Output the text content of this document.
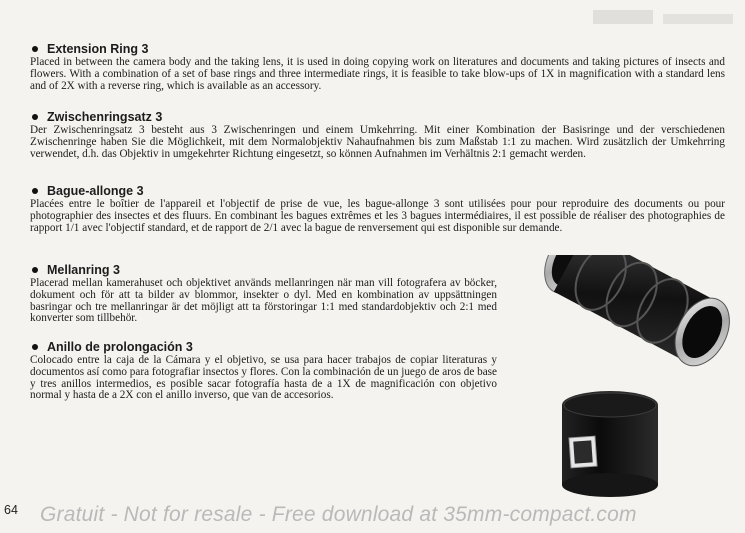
Extension Ring 3
Placed in between the camera body and the taking lens, it is used in doing copying work on literatures and documents and taking pictures of insects and flowers. With a combination of a set of base rings and three intermediate rings, it is feasible to take blow-ups of 1X in magnification with a standard lens and of 2X with a reverse ring, which is available as an accessory.
Zwischenringsatz 3
Der Zwischenringsatz 3 besteht aus 3 Zwischenringen und einem Umkehrring. Mit einer Kombination der Basisringe und der verschiedenen Zwischenringe haben Sie die Möglichkeit, mit dem Normalobjektiv Nahaufnahmen bis zum Maßstab 1:1 zu machen. Wird zusätzlich der Umkehrring verwendet, d.h. das Objektiv in umgekehrter Richtung eingesetzt, so können Aufnahmen im Verhältnis 2:1 gemacht werden.
Bague-allonge 3
Placées entre le boîtier de l'appareil et l'objectif de prise de vue, les bague-allonge 3 sont utilisées pour pour reproduire des documents ou pour photographier des insectes et des fluurs. En combinant les bagues extrêmes et les 3 bagues intermédiaires, il est possible de réaliser des photographies de rapport 1/1 avec l'objectif standard, et de rapport de 2/1 avec la bague de renversement qui est disponible sur demande.
Mellanring 3
Placerad mellan kamerahuset och objektivet används mellanringen när man vill fotografera av böcker, dokument och för att ta bilder av blommor, insekter o dyl. Med en kombination av uppsättningen basringar och tre mellanringar är det möjligt att ta förstoringar 1:1 med standardobjektiv och 2:1 med konverter som tillbehör.
Anillo de prolongación 3
Colocado entre la caja de la Cámara y el objetivo, se usa para hacer trabajos de copiar literaturas y documentos así como para fotografiar insectos y flores. Con la combinación de un juego de aros de base y tres anillos intermedios, es posible sacar fotografía hasta de a 1X de magnificación con objetivo normal y hasta de a 2X con el anillo inverso, que van de accesorios.
64 Gratuit - Not for resale - Free download at 35mm-compact.com
